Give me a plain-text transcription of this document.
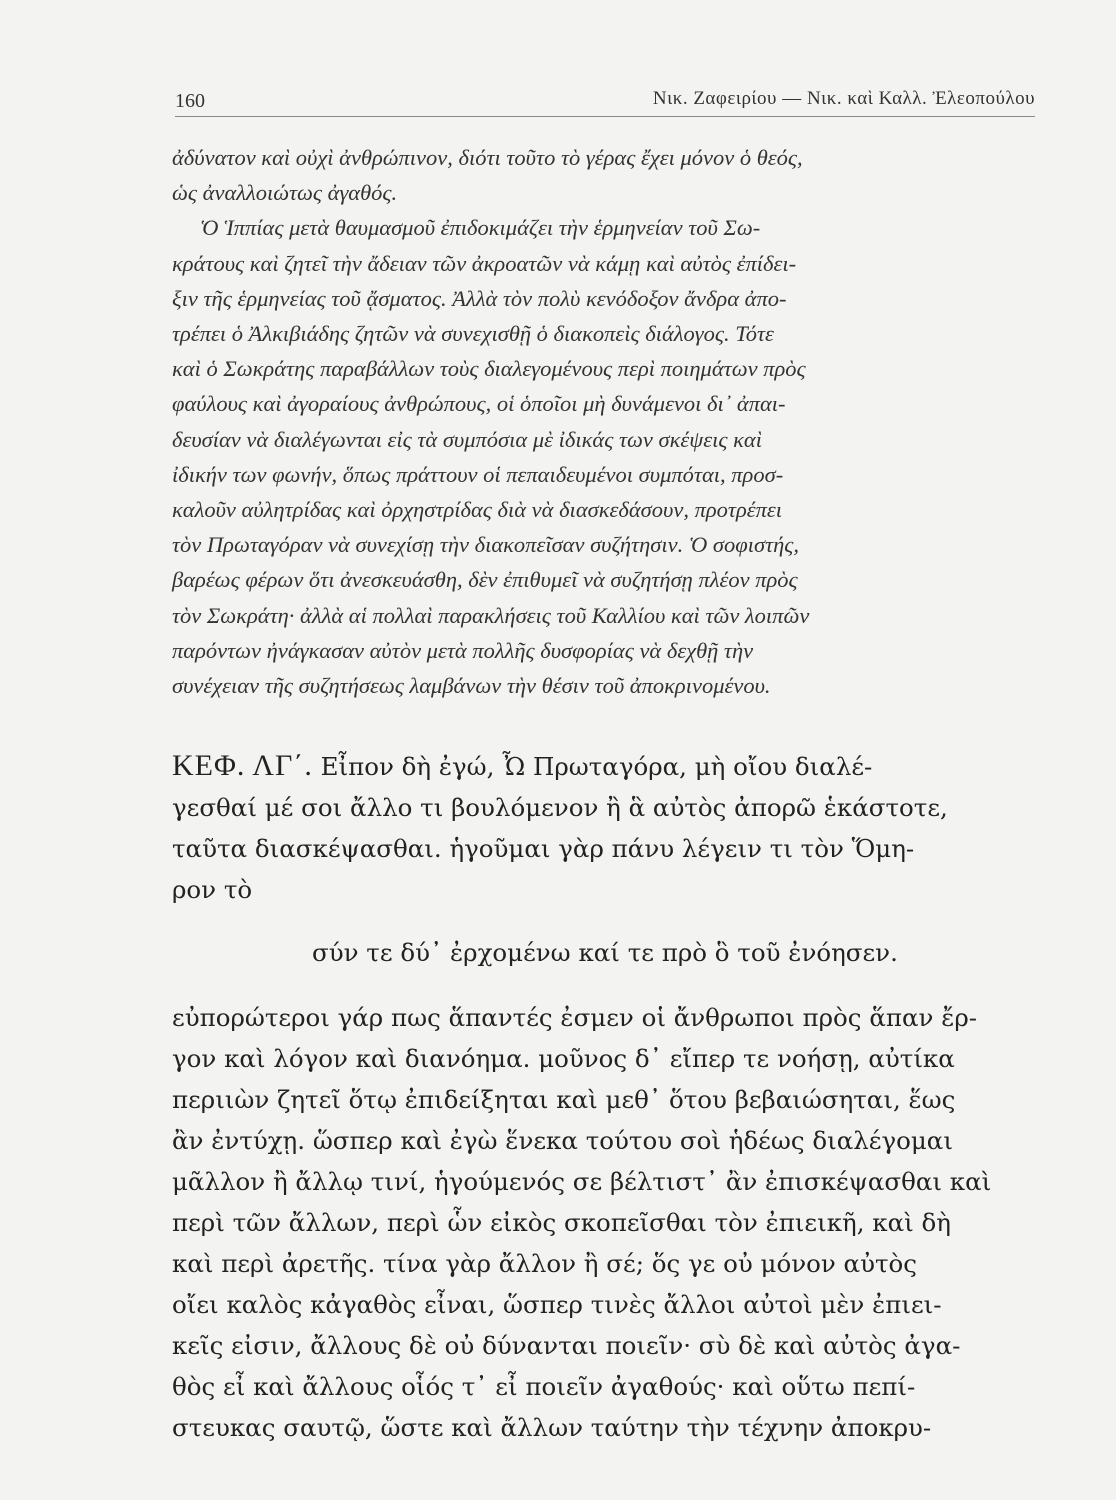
160	Νικ. Ζαφειρίου — Νικ. καὶ Καλλ. Ἐλεοπούλου
ἀδύνατον καὶ οὐχὶ ἀνθρώπινον, διότι τοῦτο τὸ γέρας ἔχει μόνον ὁ θεός,
ὡς ἀναλλοιώτως ἀγαθός.
Ὁ Ἱππίας μετὰ θαυμασμοῦ ἐπιδοκιμάζει τὴν ἑρμηνείαν τοῦ Σω-
κράτους καὶ ζητεῖ τὴν ἄδειαν τῶν ἀκροατῶν νὰ κάμῃ καὶ αὐτὸς ἐπίδει-
ξιν τῆς ἑρμηνείας τοῦ ᾄσματος. Ἀλλὰ τὸν πολὺ κενόδοξον ἄνδρα ἀπο-
τρέπει ὁ Ἀλκιβιάδης ζητῶν νὰ συνεχισθῇ ὁ διακοπεὶς διάλογος. Τότε
καὶ ὁ Σωκράτης παραβάλλων τοὺς διαλεγομένους περὶ ποιημάτων πρὸς
φαύλους καὶ ἀγοραίους ἀνθρώπους, οἱ ὁποῖοι μὴ δυνάμενοι δι᾽ ἀπαι-
δευσίαν νὰ διαλέγωνται εἰς τὰ συμπόσια μὲ ἰδικάς των σκέψεις καὶ
ἰδικήν των φωνήν, ὅπως πράττουν οἱ πεπαιδευμένοι συμπόται, προσ-
καλοῦν αὐλητρίδας καὶ ὀρχηστρίδας διὰ νὰ διασκεδάσουν, προτρέπει
τὸν Πρωταγόραν νὰ συνεχίσῃ τὴν διακοπεῖσαν συζήτησιν. Ὁ σοφιστής,
βαρέως φέρων ὅτι ἀνεσκευάσθη, δὲν ἐπιθυμεῖ νὰ συζητήσῃ πλέον πρὸς
τὸν Σωκράτη· ἀλλὰ αἱ πολλαὶ παρακλήσεις τοῦ Καλλίου καὶ τῶν λοιπῶν
παρόντων ἠνάγκασαν αὐτὸν μετὰ πολλῆς δυσφορίας νὰ δεχθῇ τὴν
συνέχειαν τῆς συζητήσεως λαμβάνων τὴν θέσιν τοῦ ἀποκρινομένου.
ΚΕΦ. ΛΓ΄. Εἶπον δὴ ἐγώ, Ὦ Πρωταγόρα, μὴ οἴου διαλέ-
γεσθαί μέ σοι ἄλλο τι βουλόμενον ἢ ἃ αὐτὸς ἀπορῶ ἑκάστοτε,
ταῦτα διασκέψασθαι. ἡγοῦμαι γὰρ πάνυ λέγειν τι τὸν Ὅμη-
ρον τὸ
σύν τε δύ᾽ ἐρχομένω καί τε πρὸ ὃ τοῦ ἐνόησεν.
εὐπορώτεροι γάρ πως ἅπαντές ἐσμεν οἱ ἄνθρωποι πρὸς ἅπαν ἔρ-
γον καὶ λόγον καὶ διανόημα. μοῦνος δ᾽ εἴπερ τε νοήσῃ, αὐτίκα
περιιὼν ζητεῖ ὅτῳ ἐπιδείξηται καὶ μεθ᾽ ὅτου βεβαιώσηται, ἕως
ἂν ἐντύχῃ. ὥσπερ καὶ ἐγὼ ἕνεκα τούτου σοὶ ἡδέως διαλέγομαι
μᾶλλον ἢ ἄλλῳ τινί, ἡγούμενός σε βέλτιστ᾽ ἂν ἐπισκέψασθαι καὶ
περὶ τῶν ἄλλων, περὶ ὧν εἰκὸς σκοπεῖσθαι τὸν ἐπιεικῆ, καὶ δὴ
καὶ περὶ ἀρετῆς. τίνα γὰρ ἄλλον ἢ σέ; ὅς γε οὐ μόνον αὐτὸς
οἴει καλὸς κἀγαθὸς εἶναι, ὥσπερ τινὲς ἄλλοι αὐτοὶ μὲν ἐπιει-
κεῖς εἰσιν, ἄλλους δὲ οὐ δύνανται ποιεῖν· σὺ δὲ καὶ αὐτὸς ἀγα-
θὸς εἶ καὶ ἄλλους οἷός τ᾽ εἶ ποιεῖν ἀγαθούς· καὶ οὕτω πεπί-
στευκας σαυτῷ, ὥστε καὶ ἄλλων ταύτην τὴν τέχνην ἀποκρυ-
